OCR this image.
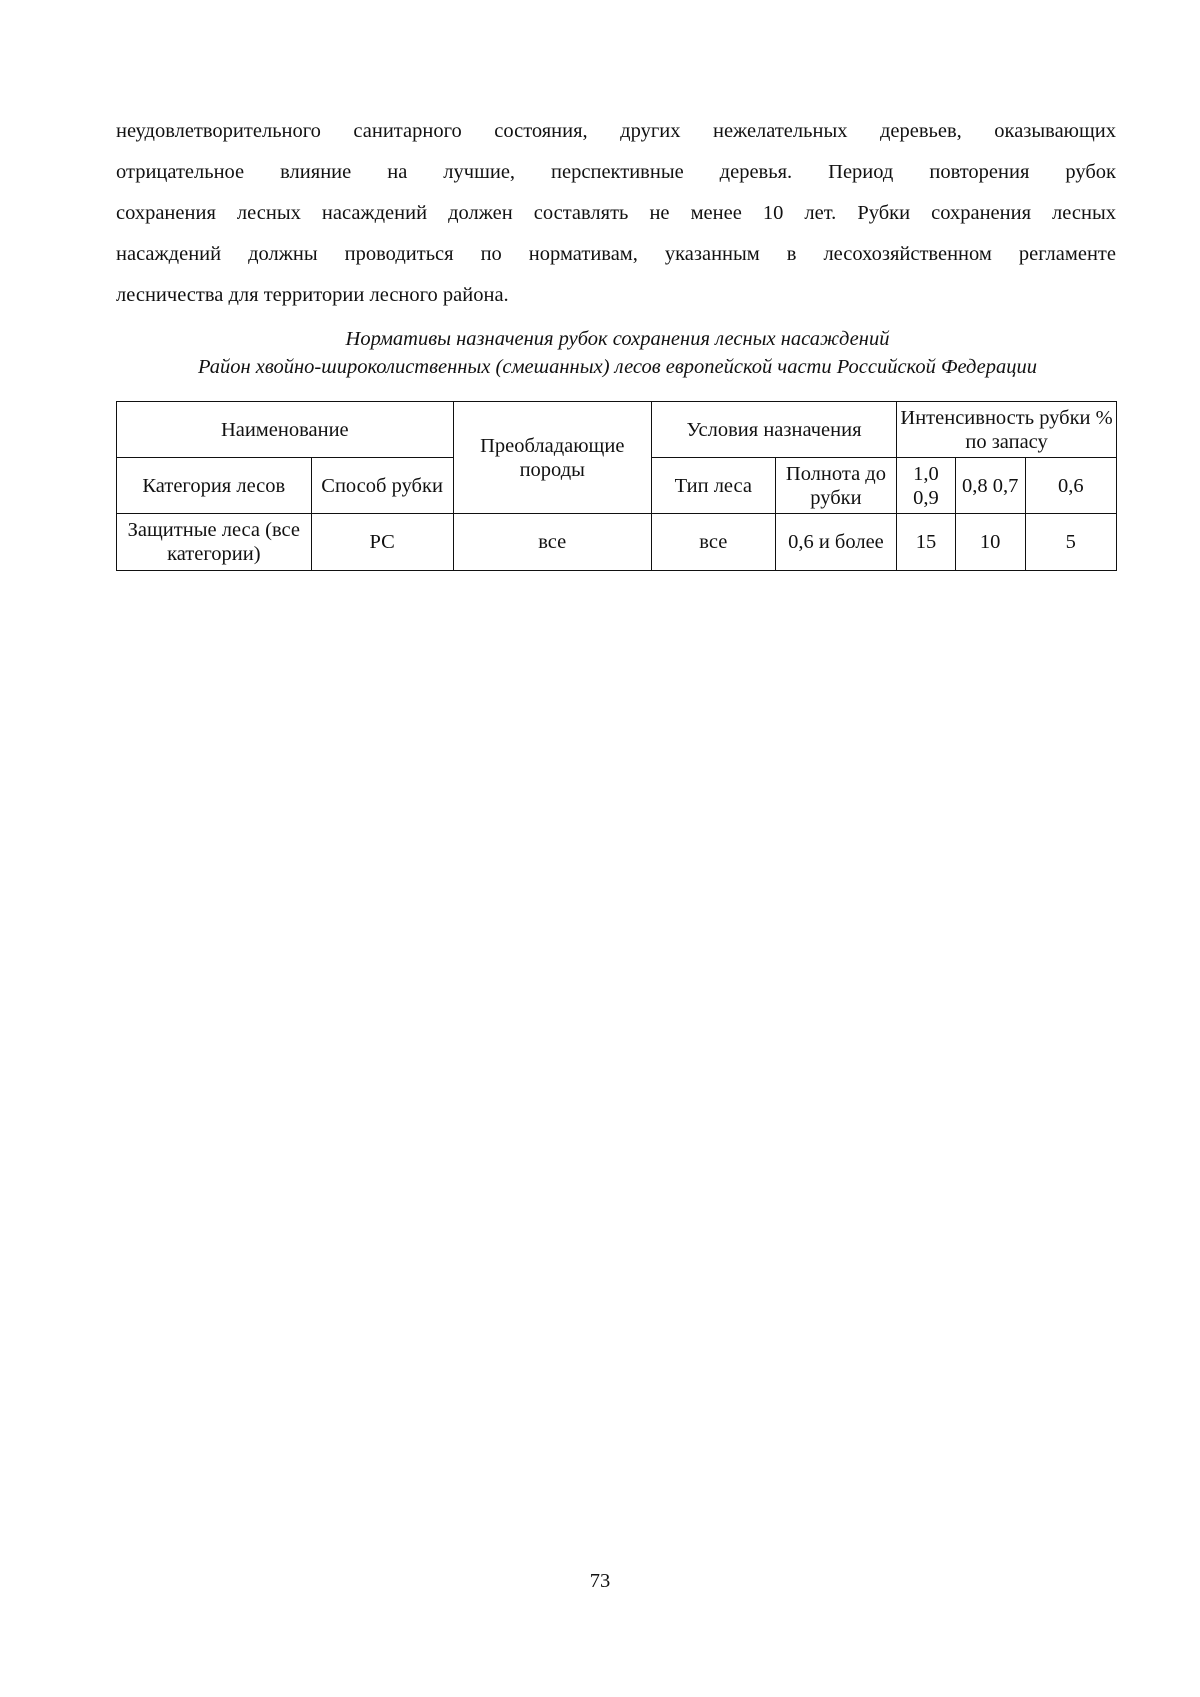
неудовлетворительного санитарного состояния, других нежелательных деревьев, оказывающих
отрицательное влияние на лучшие, перспективные деревья. Период повторения рубок
сохранения лесных насаждений должен составлять не менее 10 лет. Рубки сохранения лесных
насаждений должны проводиться по нормативам, указанным в лесохозяйственном регламенте
лесничества для территории лесного района.

Нормативы назначения рубок сохранения лесных насаждений

Район хвойно-широколиственных (смешанных) лесов европейской части Российской Федерации

Наименование		Преобладающие породы	Условия назначения		Интенсивность рубки % по запасу		
Категория лесов	Способ рубки		Тип леса	Полнота до рубки	1,0 0,9	0,8 0,7	0,6
Защитные леса (все категории)	РС	все	все	0,6 и более	15	10	5
73
